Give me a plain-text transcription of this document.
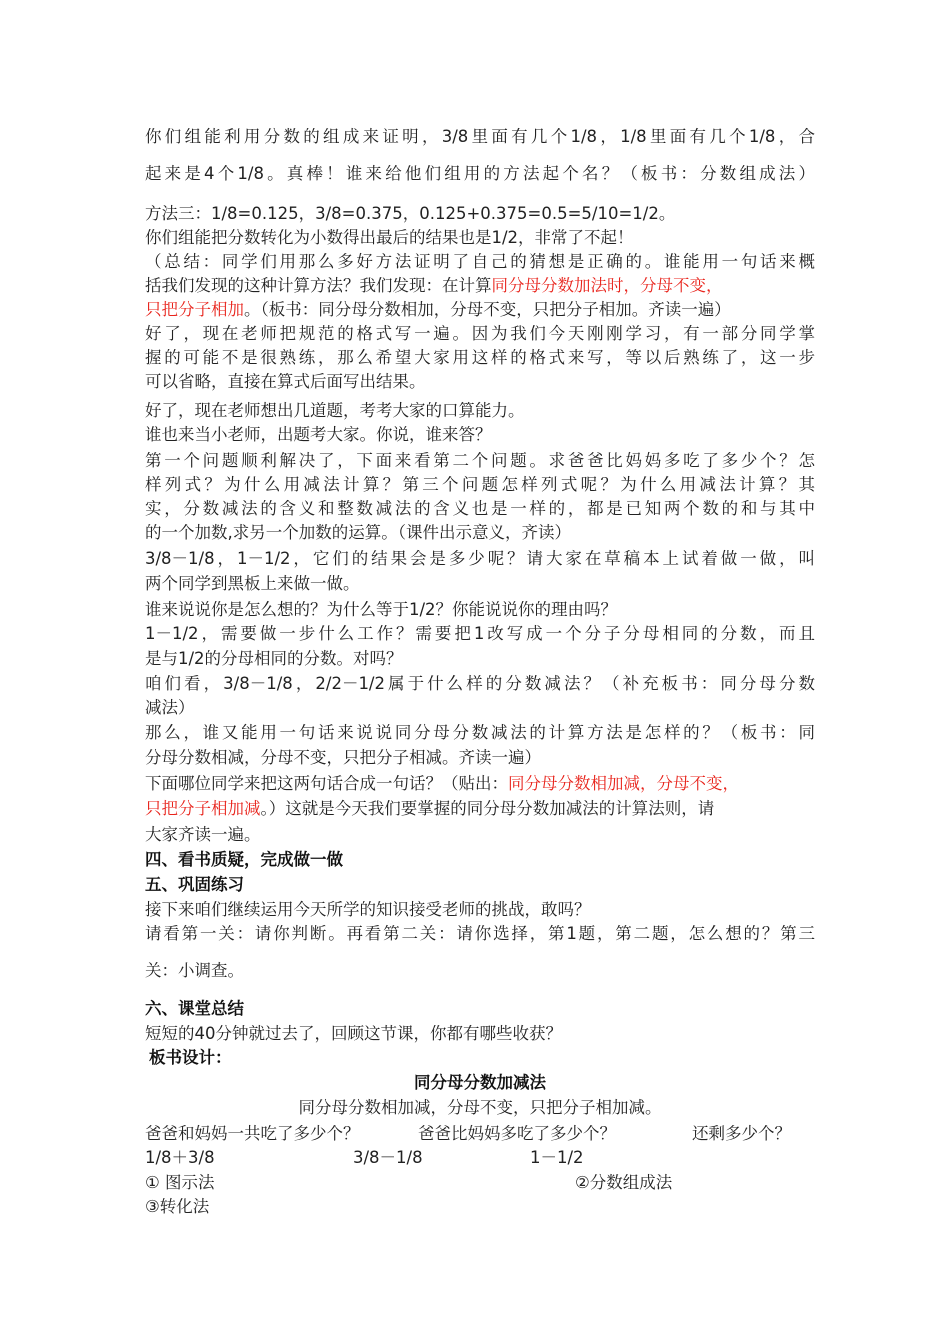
你们组能利用分数的组成来证明，3/8里面有几个1/8，1/8里面有几个1/8，合
起来是4个1/8。真棒！谁来给他们组用的方法起个名？（板书：分数组成法）
方法三：1/8=0.125，3/8=0.375，0.125+0.375=0.5=5/10=1/2。
你们组能把分数转化为小数得出最后的结果也是1/2，非常了不起！
（总结：同学们用那么多好方法证明了自己的猜想是正确的。谁能用一句话来概
括我们发现的这种计算方法？我们发现：在计算同分母分数加法时，分母不变，
只把分子相加。（板书：同分母分数相加，分母不变，只把分子相加。齐读一遍）
好了，现在老师把规范的格式写一遍。因为我们今天刚刚学习，有一部分同学掌
握的可能不是很熟练，那么希望大家用这样的格式来写，等以后熟练了，这一步
可以省略，直接在算式后面写出结果。
好了，现在老师想出几道题，考考大家的口算能力。
谁也来当小老师，出题考大家。你说，谁来答？
第一个问题顺利解决了，下面来看第二个问题。求爸爸比妈妈多吃了多少个？怎
样列式？为什么用减法计算？第三个问题怎样列式呢？为什么用减法计算？其
实，分数减法的含义和整数减法的含义也是一样的，都是已知两个数的和与其中
的一个加数,求另一个加数的运算。（课件出示意义，齐读）
3/8－1/8，1－1/2，它们的结果会是多少呢？请大家在草稿本上试着做一做，叫
两个同学到黑板上来做一做。
谁来说说你是怎么想的？为什么等于1/2？你能说说你的理由吗？
1－1/2，需要做一步什么工作？需要把1改写成一个分子分母相同的分数，而且
是与1/2的分母相同的分数。对吗？
咱们看，3/8－1/8，2/2－1/2属于什么样的分数减法？（补充板书：同分母分数
减法）
那么，谁又能用一句话来说说同分母分数减法的计算方法是怎样的？（板书：同
分母分数相减，分母不变，只把分子相减。齐读一遍）
下面哪位同学来把这两句话合成一句话？（贴出：同分母分数相加减，分母不变，
只把分子相加减。）这就是今天我们要掌握的同分母分数加减法的计算法则，请
大家齐读一遍。
四、看书质疑，完成做一做
五、巩固练习
接下来咱们继续运用今天所学的知识接受老师的挑战，敢吗？
请看第一关：请你判断。再看第二关：请你选择，第1题，第二题，怎么想的？第三
关：小调查。
六、课堂总结
短短的40分钟就过去了，回顾这节课，你都有哪些收获？
板书设计：
同分母分数加减法
同分母分数相加减，分母不变，只把分子相加减。
爸爸和妈妈一共吃了多少个？	爸爸比妈妈多吃了多少个？	还剩多少个？
1/8＋3/8	3/8－1/8	1－1/2
① 图示法	②分数组成法
③转化法
